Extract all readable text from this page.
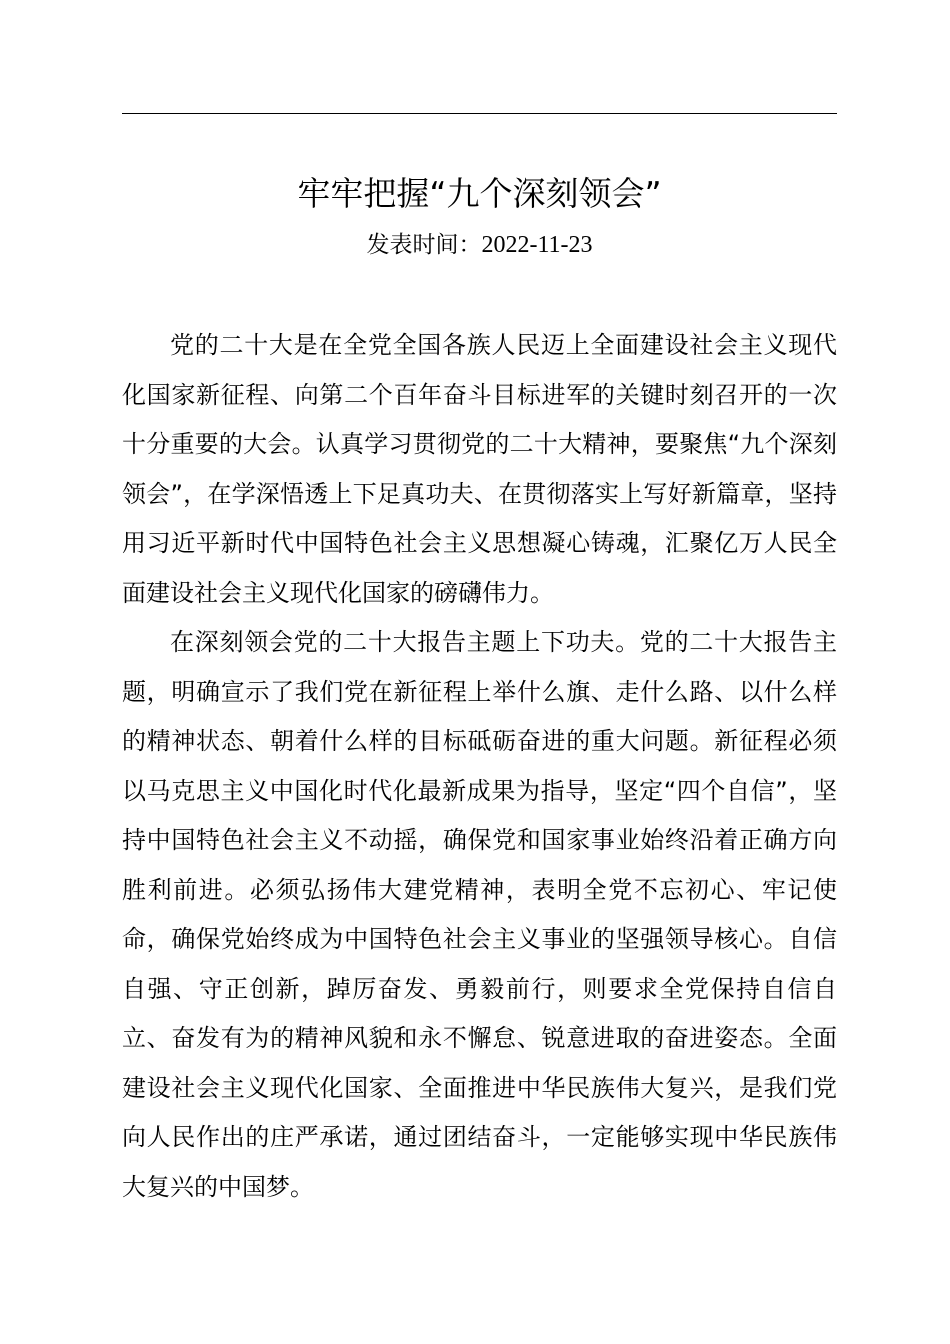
牢牢把握“九个深刻领会”
发表时间：2022-11-23

党的二十大是在全党全国各族人民迈上全面建设社会主义现代化国家新征程、向第二个百年奋斗目标进军的关键时刻召开的一次十分重要的大会。认真学习贯彻党的二十大精神，要聚焦“九个深刻领会”，在学深悟透上下足真功夫、在贯彻落实上写好新篇章，坚持用习近平新时代中国特色社会主义思想凝心铸魂，汇聚亿万人民全面建设社会主义现代化国家的磅礴伟力。

在深刻领会党的二十大报告主题上下功夫。党的二十大报告主题，明确宣示了我们党在新征程上举什么旗、走什么路、以什么样的精神状态、朝着什么样的目标砥砺奋进的重大问题。新征程必须以马克思主义中国化时代化最新成果为指导，坚定“四个自信”，坚持中国特色社会主义不动摇，确保党和国家事业始终沿着正确方向胜利前进。必须弘扬伟大建党精神，表明全党不忘初心、牢记使命，确保党始终成为中国特色社会主义事业的坚强领导核心。自信自强、守正创新，踔厉奋发、勇毅前行，则要求全党保持自信自立、奋发有为的精神风貌和永不懈怠、锐意进取的奋进姿态。全面建设社会主义现代化国家、全面推进中华民族伟大复兴，是我们党向人民作出的庄严承诺，通过团结奋斗，一定能够实现中华民族伟大复兴的中国梦。
